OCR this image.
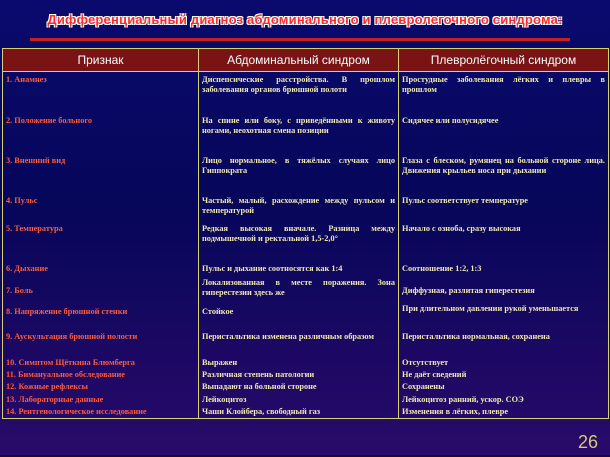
Дифференциальный диагноз абдоминального и плевролегочного синдрома:
Признак	Абдоминальный синдром	Плевролёгочный синдром
1. Анамнез	Диспепсические расстройства. В прошлом заболевания органов брюшной полоти	Простудные заболевания лёгких и плевры в прошлом
2. Положение больного	На спине или боку, с приведёнными к животу ногами, неохотная смена позиции	Сидячее или полусидячее
3. Внешний вид	Лицо нормальное, в тяжёлых случаях лицо Гиппократа	Глаза с блеском, румянец на больной стороне лица. Движения крыльев носа при дыхании
4. Пульс	Частый, малый, расхождение между пульсом и температурой	Пульс соответствует температуре
5. Температура	Редкая высокая вначале. Разница между подмышечной и ректальной 1,5-2,0°	Начало с озноба, сразу высокая
6. Дыхание	Пульс и дыхание соотносятся как 1:4	Соотношение 1:2, 1:3
7. Боль	Локализованная в месте поражения. Зона гиперестезии здесь же	Диффузная, разлитая гиперестезия
8. Напряжение брюшной стенки	Стойкое	При длительном давлении рукой уменьшается
9. Аускультация брюшной полости	Перистальтика изменена различным образом	Перистальтика нормальная, сохранена
10. Симптом Щёткина Блюмберга	Выражен	Отсутствует
11. Бимануальное обследование	Различная степень патологии	Не даёт сведений
12. Кожные рефлексы	Выпадают на больной стороне	Сохранены
13. Лабораторные данные	Лейкоцитоз	Лейкоцитоз ранний, ускор. СОЭ
14. Рентгенологическое исследование	Чаши Клойбера, свободный газ	Изменения в лёгких, плевре
26
